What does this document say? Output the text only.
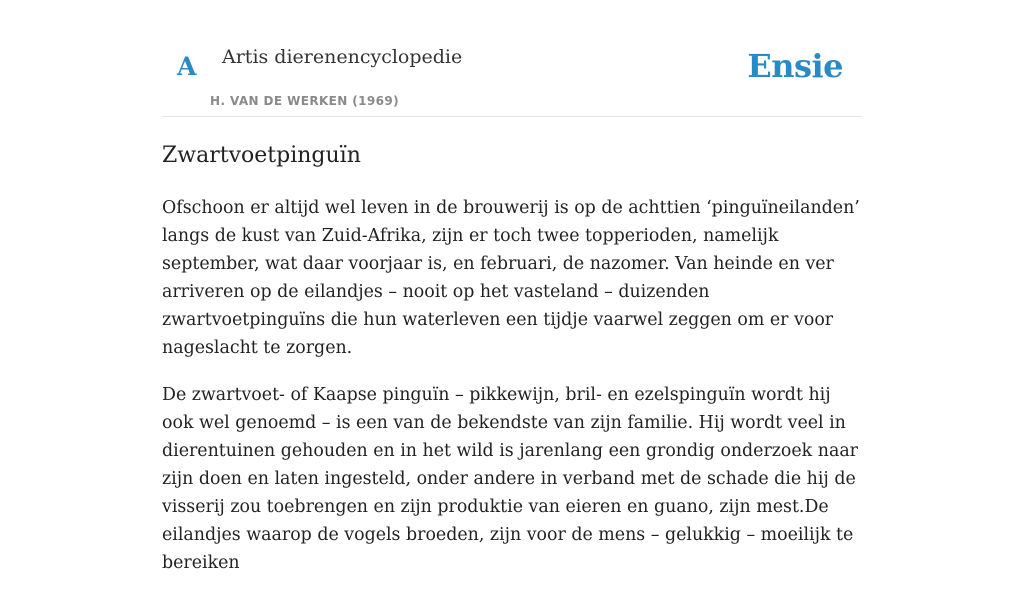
A Artis dierenencyclopedie
H. VAN DE WERKEN (1969)
Ensie
Zwartvoetpinguïn

Ofschoon er altijd wel leven in de brouwerij is op de achttien ‘pinguïneilanden’ langs de kust van Zuid-Afrika, zijn er toch twee topperioden, namelijk september, wat daar voorjaar is, en februari, de nazomer. Van heinde en ver arriveren op de eilandjes – nooit op het vasteland – duizenden zwartvoetpinguïns die hun waterleven een tijdje vaarwel zeggen om er voor nageslacht te zorgen.

De zwartvoet- of Kaapse pinguïn – pikkewijn, bril- en ezelspinguïn wordt hij ook wel genoemd – is een van de bekendste van zijn familie. Hij wordt veel in dierentuinen gehouden en in het wild is jarenlang een grondig onderzoek naar zijn doen en laten ingesteld, onder andere in verband met de schade die hij de visserij zou toebrengen en zijn produktie van eieren en guano, zijn mest.De eilandjes waarop de vogels broeden, zijn voor de mens – gelukkig – moeilijk te bereiken
